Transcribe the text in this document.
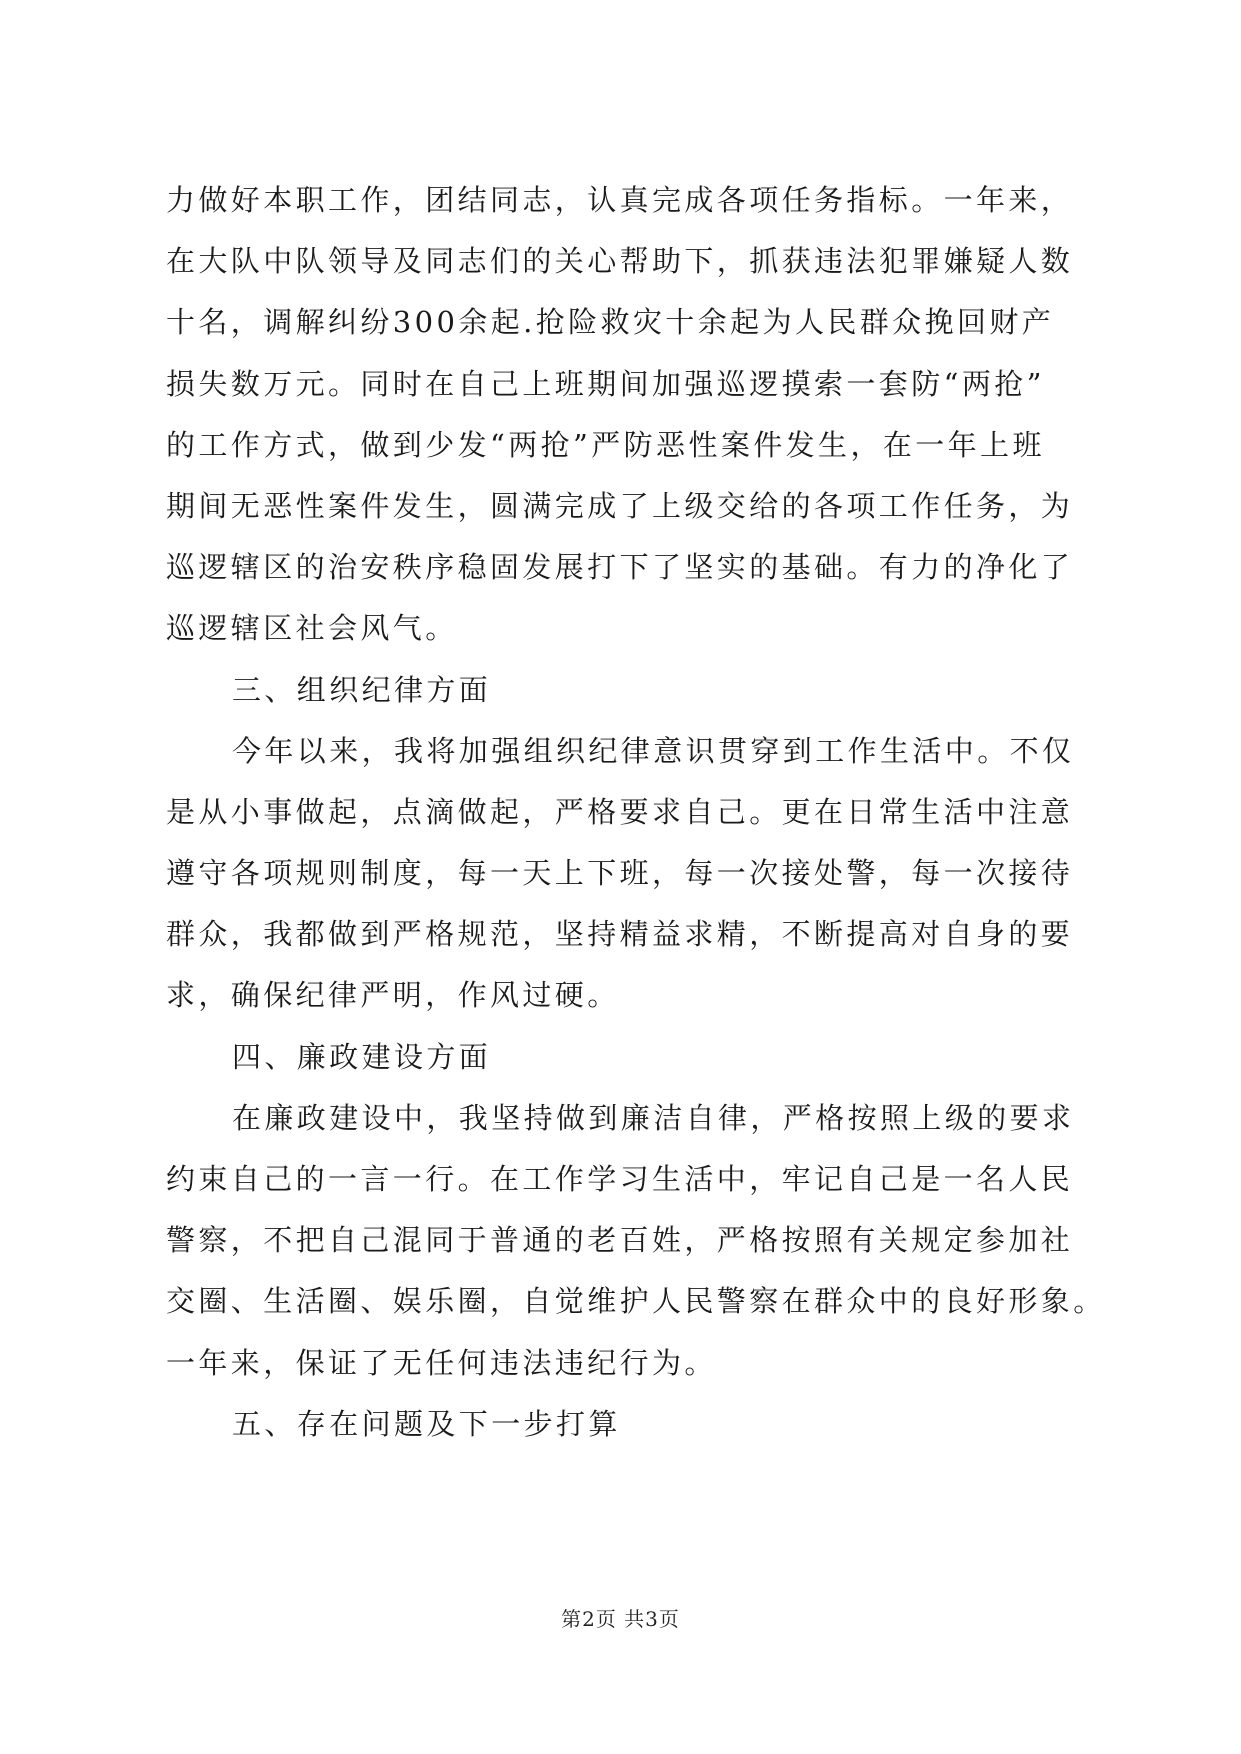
力做好本职工作，团结同志，认真完成各项任务指标。一年来，
在大队中队领导及同志们的关心帮助下，抓获违法犯罪嫌疑人数
十名，调解纠纷300余起.抢险救灾十余起为人民群众挽回财产
损失数万元。同时在自己上班期间加强巡逻摸索一套防“两抢”
的工作方式，做到少发“两抢”严防恶性案件发生，在一年上班
期间无恶性案件发生，圆满完成了上级交给的各项工作任务，为
巡逻辖区的治安秩序稳固发展打下了坚实的基础。有力的净化了
巡逻辖区社会风气。
三、组织纪律方面
今年以来，我将加强组织纪律意识贯穿到工作生活中。不仅
是从小事做起，点滴做起，严格要求自己。更在日常生活中注意
遵守各项规则制度，每一天上下班，每一次接处警，每一次接待
群众，我都做到严格规范，坚持精益求精，不断提高对自身的要
求，确保纪律严明，作风过硬。
四、廉政建设方面
在廉政建设中，我坚持做到廉洁自律，严格按照上级的要求
约束自己的一言一行。在工作学习生活中，牢记自己是一名人民
警察，不把自己混同于普通的老百姓，严格按照有关规定参加社
交圈、生活圈、娱乐圈，自觉维护人民警察在群众中的良好形象。
一年来，保证了无任何违法违纪行为。
五、存在问题及下一步打算
第2页 共3页
